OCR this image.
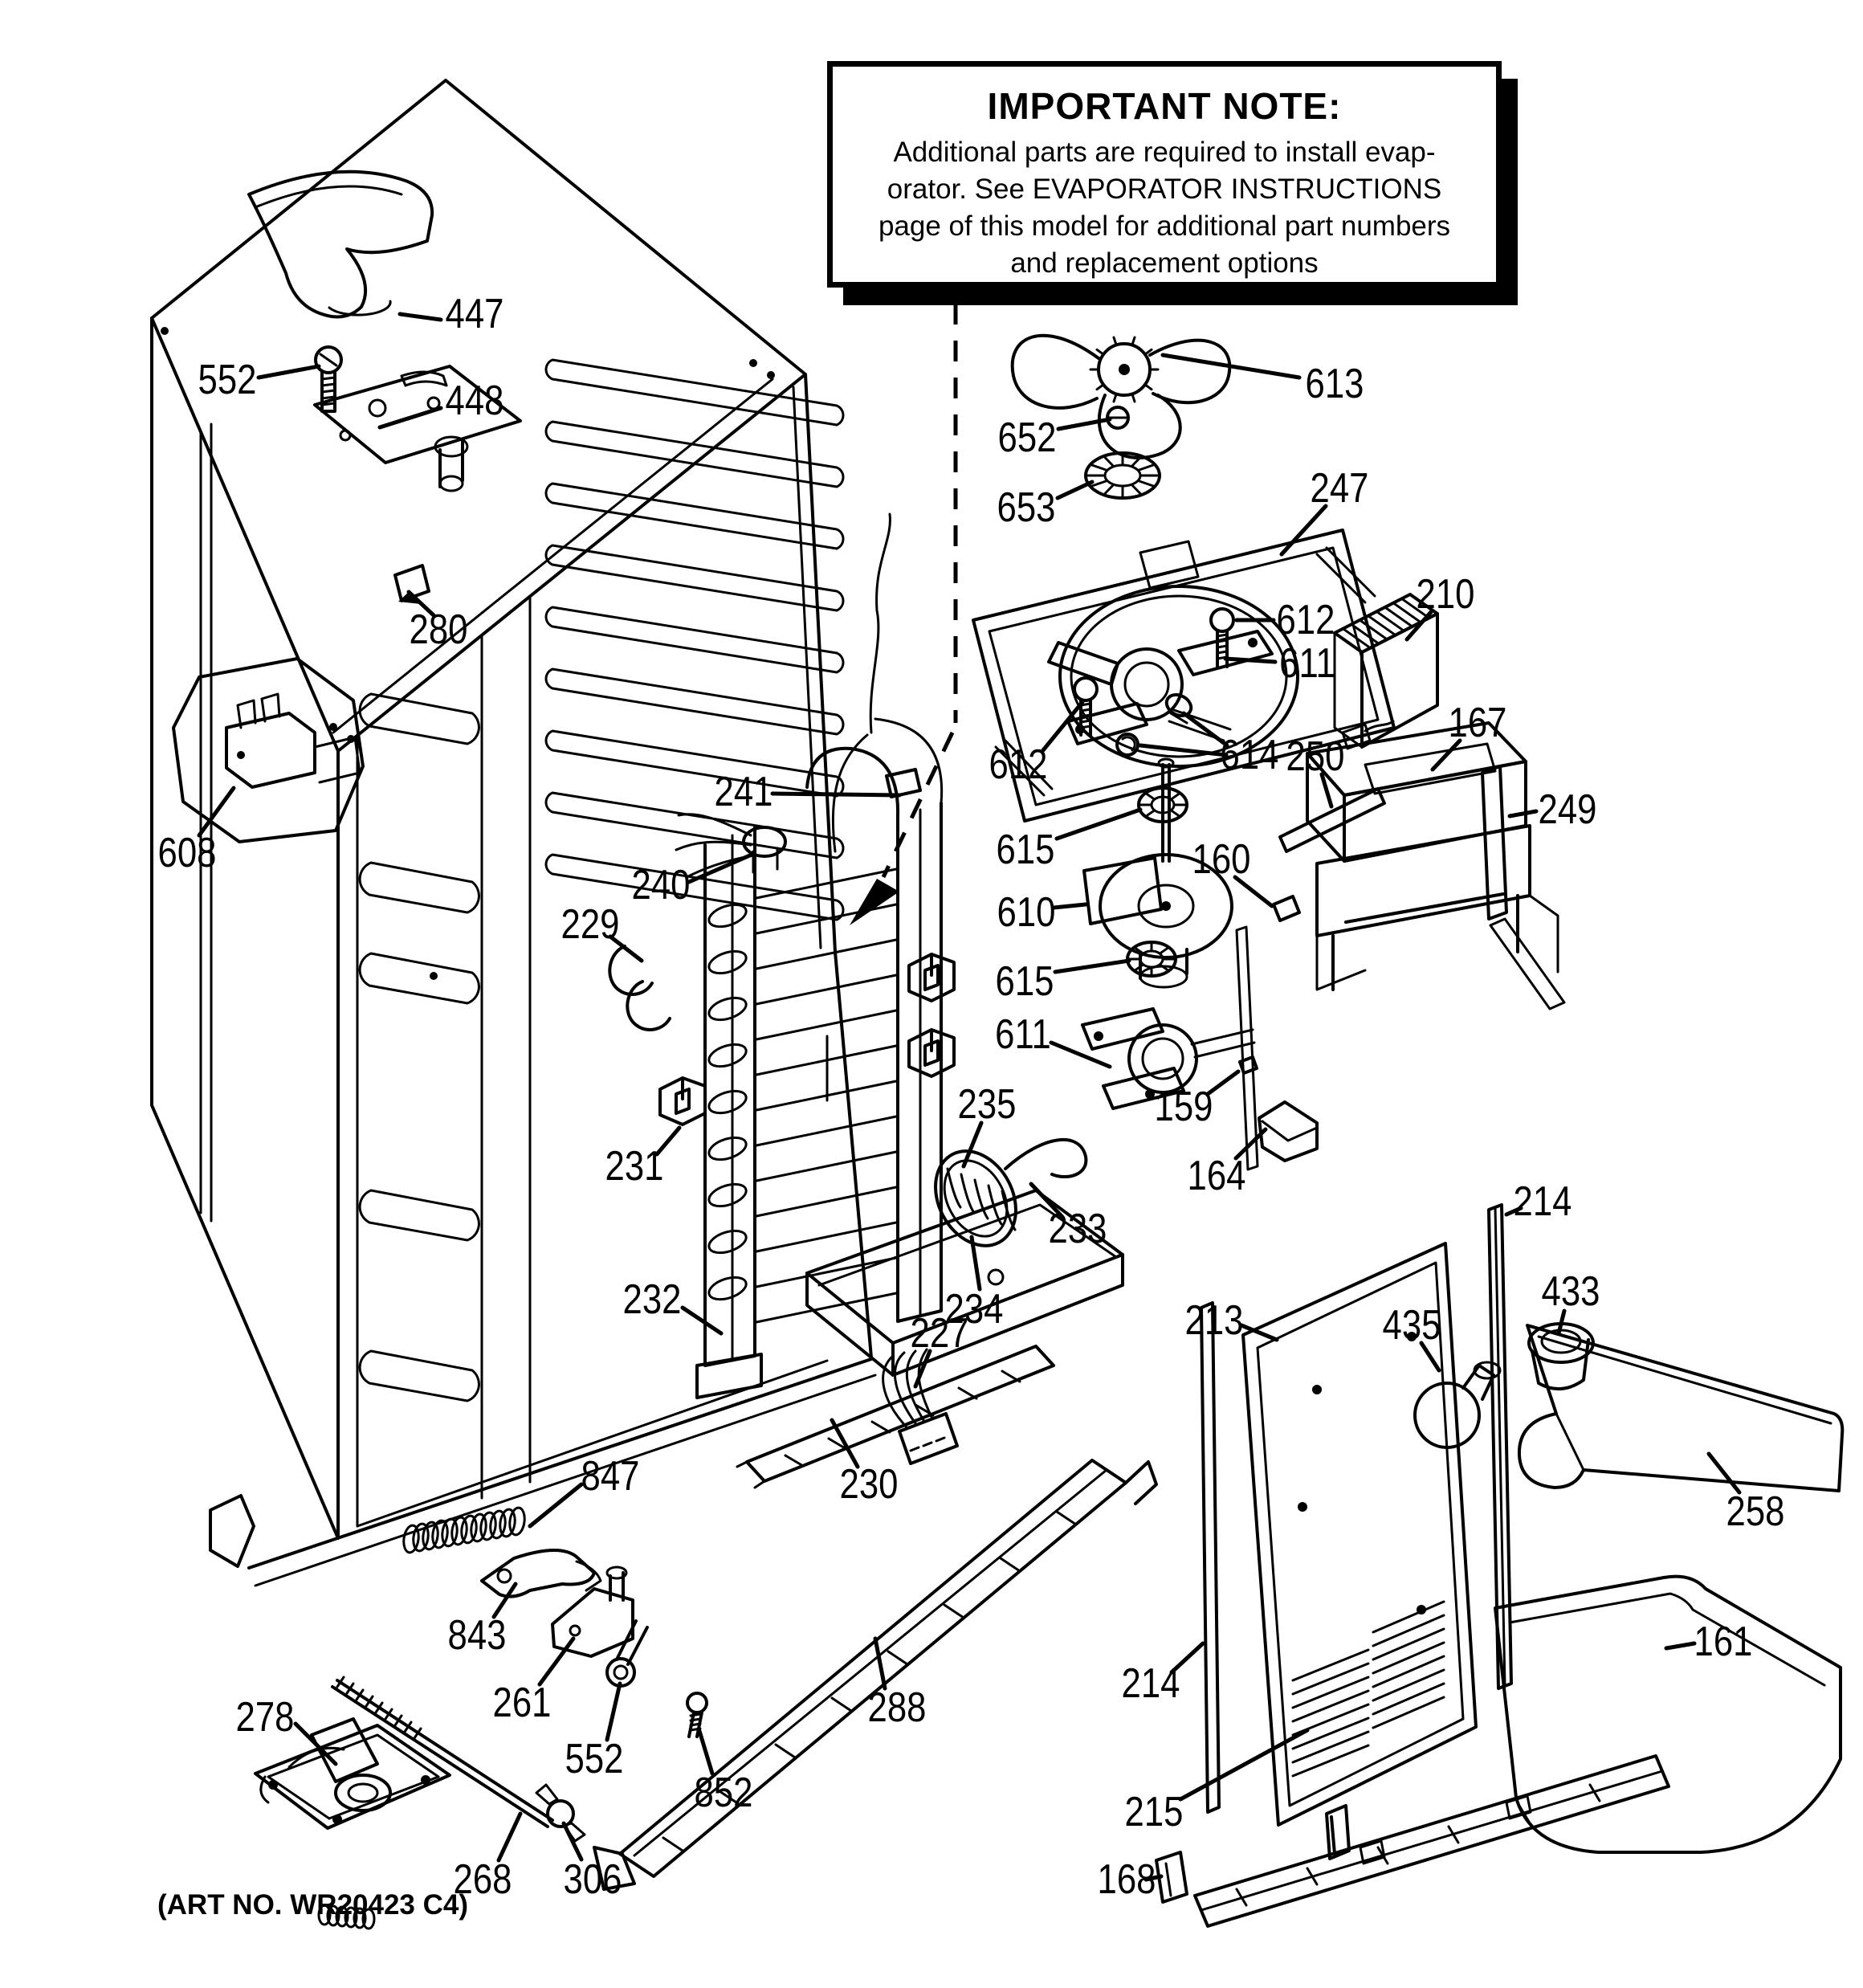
447
552	448
280
608
241
240
229
231
232
235
233
234
227
230
288
847
843
261
552
852
278
268 306
613
652
653	247
612
611
612	614 250
615	160
610
615
611
159
164
210
167
249
214
213
433
435
258
161
214
215
168
IMPORTANT NOTE:
Additional parts are required to install evap-
orator. See EVAPORATOR INSTRUCTIONS
page of this model for additional part numbers
and replacement options
(ART NO. WR20423 C4)
